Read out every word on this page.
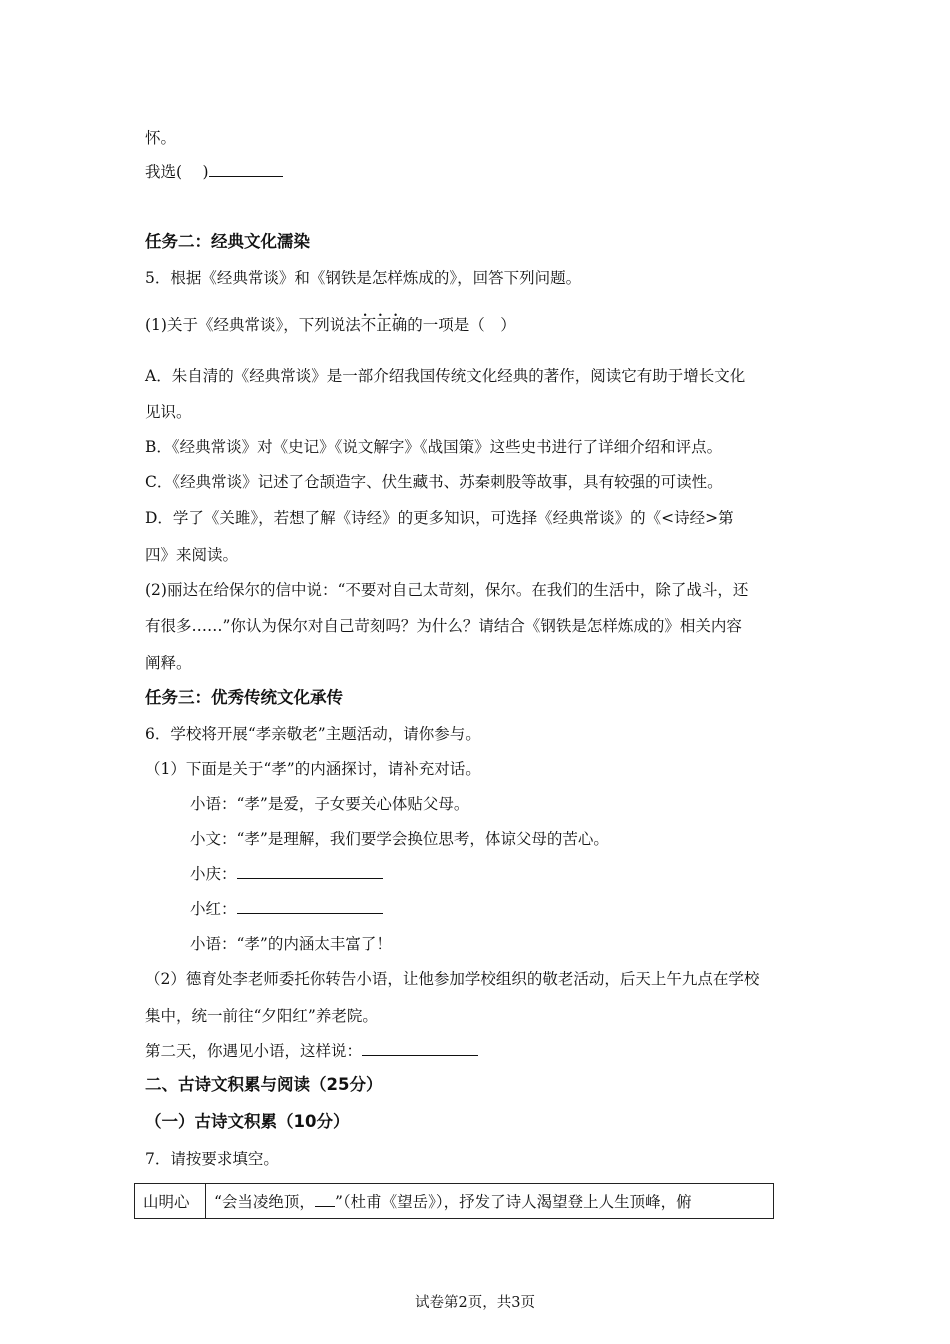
怀。
我选(　 )
任务二：经典文化濡染
5．根据《经典常谈》和《钢铁是怎样炼成的》，回答下列问题。
(1)关于《经典常谈》，下列说法• • • 不正确的一项是（　）
A．朱自清的《经典常谈》是一部介绍我国传统文化经典的著作，阅读它有助于增长文化
见识。
B．《经典常谈》对《史记》《说文解字》《战国策》这些史书进行了详细介绍和评点。
C．《经典常谈》记述了仓颉造字、伏生藏书、苏秦刺股等故事，具有较强的可读性。
D．学了《关雎》，若想了解《诗经》的更多知识，可选择《经典常谈》的《<诗经>第
四》来阅读。
(2)丽达在给保尔的信中说：“不要对自己太苛刻，保尔。在我们的生活中，除了战斗，还
有很多……”你认为保尔对自己苛刻吗？为什么？请结合《钢铁是怎样炼成的》相关内容
阐释。
任务三：优秀传统文化承传
6．学校将开展“孝亲敬老”主题活动，请你参与。
（1）下面是关于“孝”的内涵探讨，请补充对话。
小语：“孝”是爱，子女要关心体贴父母。
小文：“孝”是理解，我们要学会换位思考，体谅父母的苦心。
小庆：
小红：
小语：“孝”的内涵太丰富了！
（2）德育处李老师委托你转告小语，让他参加学校组织的敬老活动，后天上午九点在学校
集中，统一前往“夕阳红”养老院。
第二天，你遇见小语，这样说：
二、古诗文积累与阅读（25分）
（一）古诗文积累（10分）
7．请按要求填空。
山明心	“会当凌绝顶， ”（杜甫《望岳》），抒发了诗人渴望登上人生顶峰，俯
试卷第2页，共3页
